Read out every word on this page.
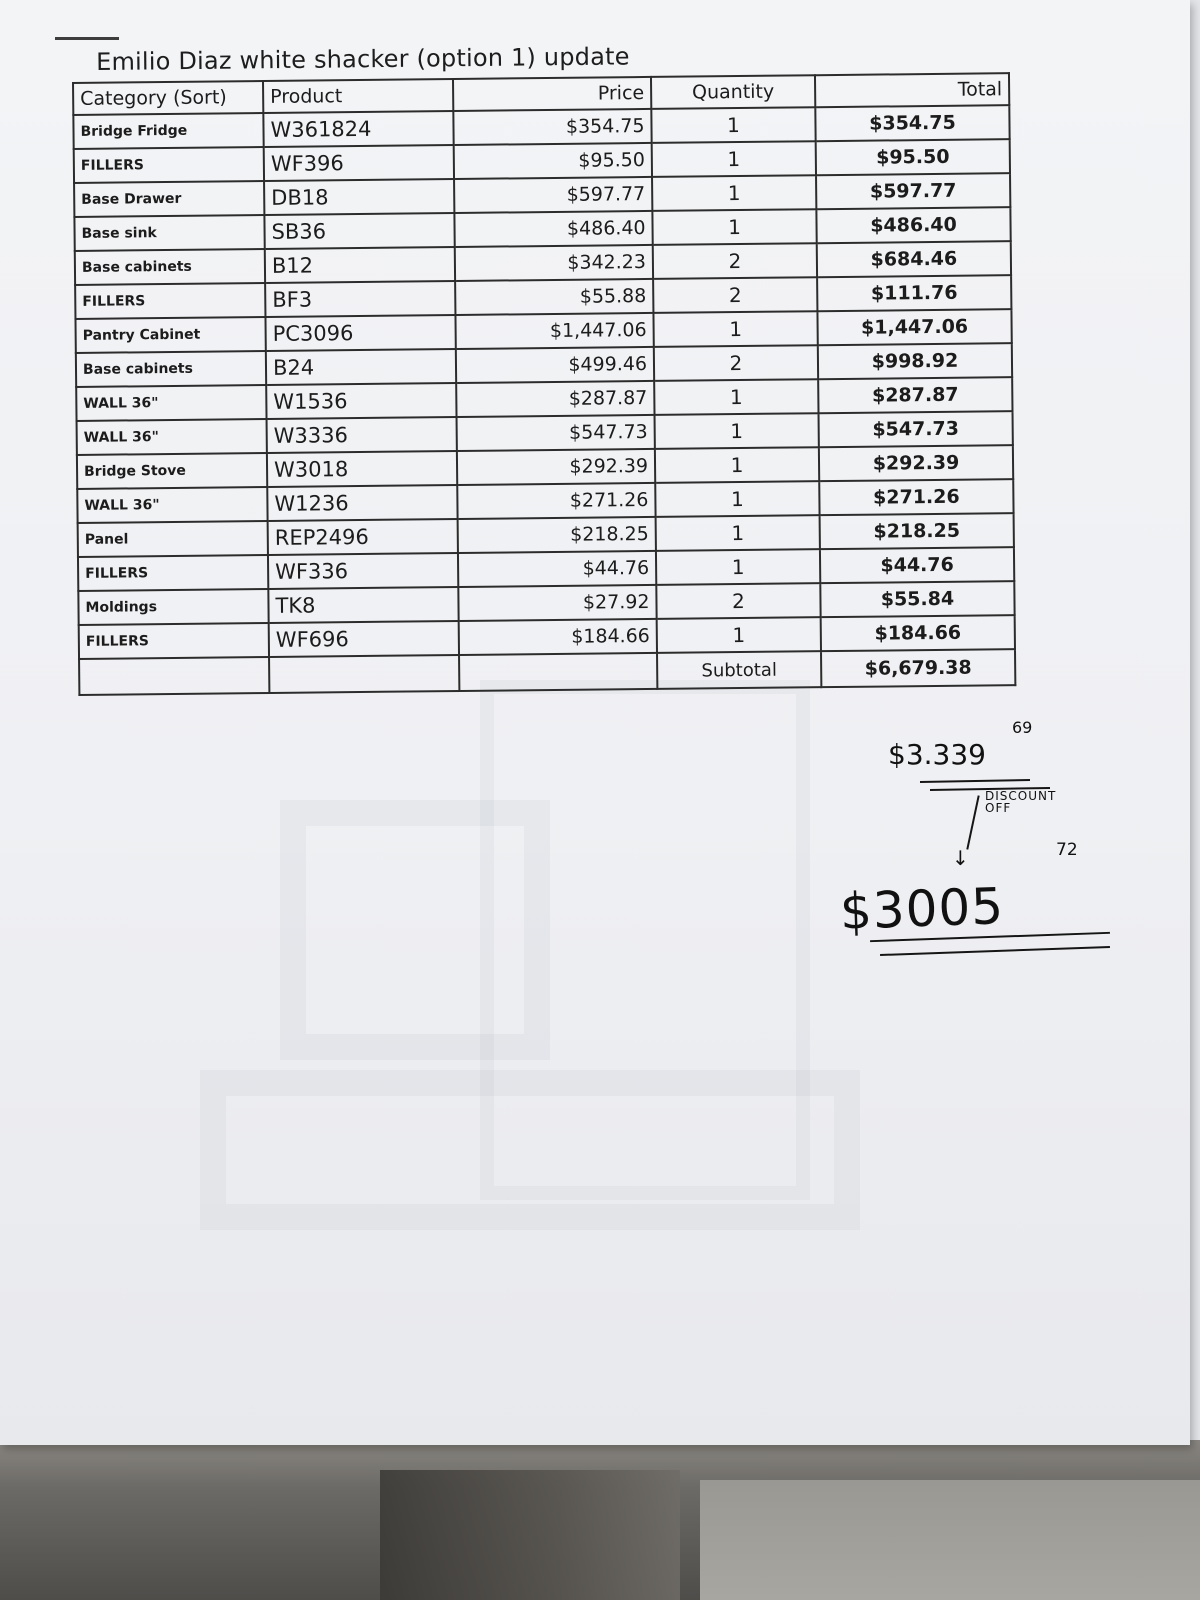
Emilio Diaz white shacker (option 1) update
Category (Sort)	Product	Price	Quantity	Total
Bridge Fridge	W361824	$354.75	1	$354.75
FILLERS	WF396	$95.50	1	$95.50
Base Drawer	DB18	$597.77	1	$597.77
Base sink	SB36	$486.40	1	$486.40
Base cabinets	B12	$342.23	2	$684.46
FILLERS	BF3	$55.88	2	$111.76
Pantry Cabinet	PC3096	$1,447.06	1	$1,447.06
Base cabinets	B24	$499.46	2	$998.92
WALL 36"	W1536	$287.87	1	$287.87
WALL 36"	W3336	$547.73	1	$547.73
Bridge Stove	W3018	$292.39	1	$292.39
WALL 36"	W1236	$271.26	1	$271.26
Panel	REP2496	$218.25	1	$218.25
FILLERS	WF336	$44.76	1	$44.76
Moldings	TK8	$27.92	2	$55.84
FILLERS	WF696	$184.66	1	$184.66
			Subtotal	$6,679.38
$3.339
69
↓
DISCOUNT OFF
72
$3005
